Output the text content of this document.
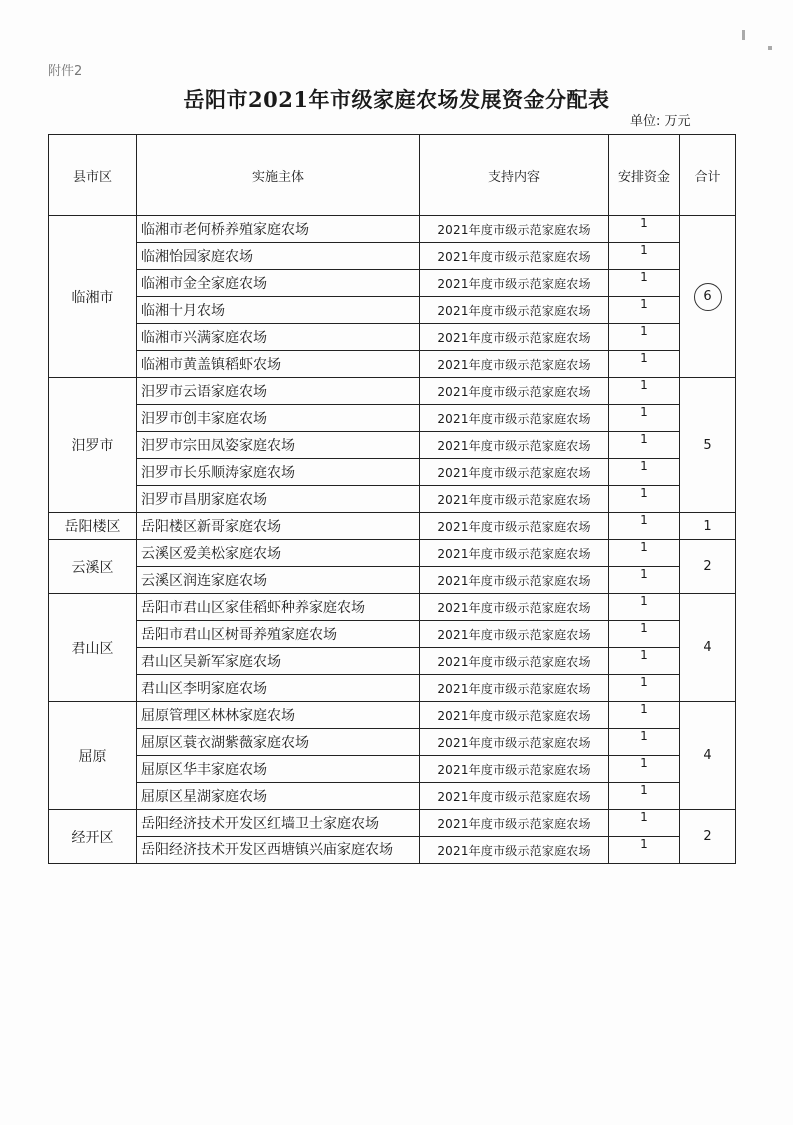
附件2
岳阳市2021年市级家庭农场发展资金分配表
单位: 万元
县市区	实施主体	支持内容	安排资金	合计
临湘市	临湘市老何桥养殖家庭农场	2021年度市级示范家庭农场	1	6
	临湘怡园家庭农场	2021年度市级示范家庭农场	1	
	临湘市金全家庭农场	2021年度市级示范家庭农场	1	
	临湘十月农场	2021年度市级示范家庭农场	1	
	临湘市兴满家庭农场	2021年度市级示范家庭农场	1	
	临湘市黄盖镇稻虾农场	2021年度市级示范家庭农场	1	
汨罗市	汨罗市云语家庭农场	2021年度市级示范家庭农场	1	5
	汨罗市创丰家庭农场	2021年度市级示范家庭农场	1	
	汨罗市宗田凤姿家庭农场	2021年度市级示范家庭农场	1	
	汨罗市长乐顺涛家庭农场	2021年度市级示范家庭农场	1	
	汨罗市昌朋家庭农场	2021年度市级示范家庭农场	1	
岳阳楼区	岳阳楼区新哥家庭农场	2021年度市级示范家庭农场	1	1
云溪区	云溪区爱美松家庭农场	2021年度市级示范家庭农场	1	2
	云溪区润连家庭农场	2021年度市级示范家庭农场	1	
君山区	岳阳市君山区家佳稻虾种养家庭农场	2021年度市级示范家庭农场	1	4
	岳阳市君山区树哥养殖家庭农场	2021年度市级示范家庭农场	1	
	君山区吴新军家庭农场	2021年度市级示范家庭农场	1	
	君山区李明家庭农场	2021年度市级示范家庭农场	1	
屈原	屈原管理区林林家庭农场	2021年度市级示范家庭农场	1	4
	屈原区蓑衣湖紫薇家庭农场	2021年度市级示范家庭农场	1	
	屈原区华丰家庭农场	2021年度市级示范家庭农场	1	
	屈原区星湖家庭农场	2021年度市级示范家庭农场	1	
经开区	岳阳经济技术开发区红墙卫士家庭农场	2021年度市级示范家庭农场	1	2
	岳阳经济技术开发区西塘镇兴庙家庭农场	2021年度市级示范家庭农场	1	
